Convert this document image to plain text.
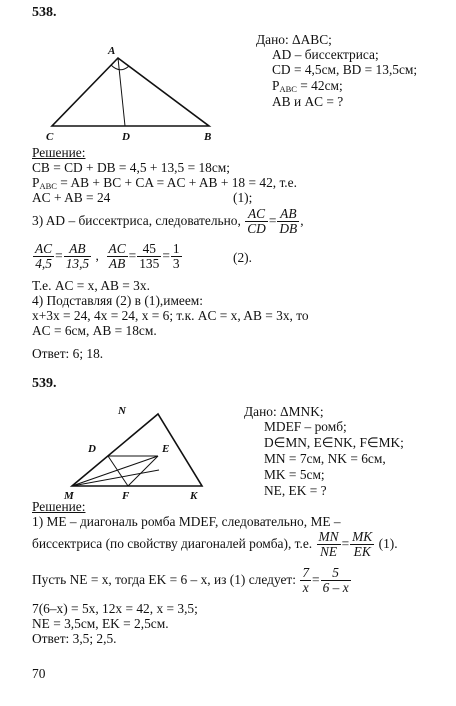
538.
A
C	D	B
Дано: ΔABC;
AD – биссектриса;
CD = 4,5см, BD = 13,5см;
$P_{ABC} = 42см$;
AB и AC = ?
Решение:
CB = CD + DB = 4,5 + 13,5 = 18см;
$P_{ABC}$ = AB + BC + CA = AC + AB + 18 = 42, т.е.
AC + AB = 24	(1);
3) AD – биссектриса, следовательно, $\frac{AC}{CD} = \frac{AB}{DB}$ ,
$\frac{AC}{4,5} = \frac{AB}{13,5}$ , $\frac{AC}{AB} = \frac{45}{135} = \frac{1}{3}$	(2).
Т.е. AC = x, AB = 3x.
4) Подставляя (2) в (1),имеем:
x+3x = 24, 4x = 24, x = 6; т.к. AC = x, AB = 3x, то
AC = 6см, AB = 18см.
Ответ: 6; 18.
539.
N
D	E
M	F	K
Дано: ΔMNK;
MDEF – ромб;
D∈MN, E∈NK, F∈MK;
MN = 7см, NK = 6см,
MK = 5см;
NE, EK = ?
Решение:
1) ME – диагональ ромба MDEF, следовательно, ME –
биссектриса (по свойству диагоналей ромба), т.е. $\frac{MN}{NE} = \frac{MK}{EK} (1)$.
Пусть NE = x, тогда EK = 6 – x, из (1) следует: $\frac{7}{x} = \frac{5}{6 - x}$
7(6–x) = 5x, 12x = 42, x = 3,5;
NE = 3,5см, EK = 2,5см.
Ответ: 3,5; 2,5.
70
